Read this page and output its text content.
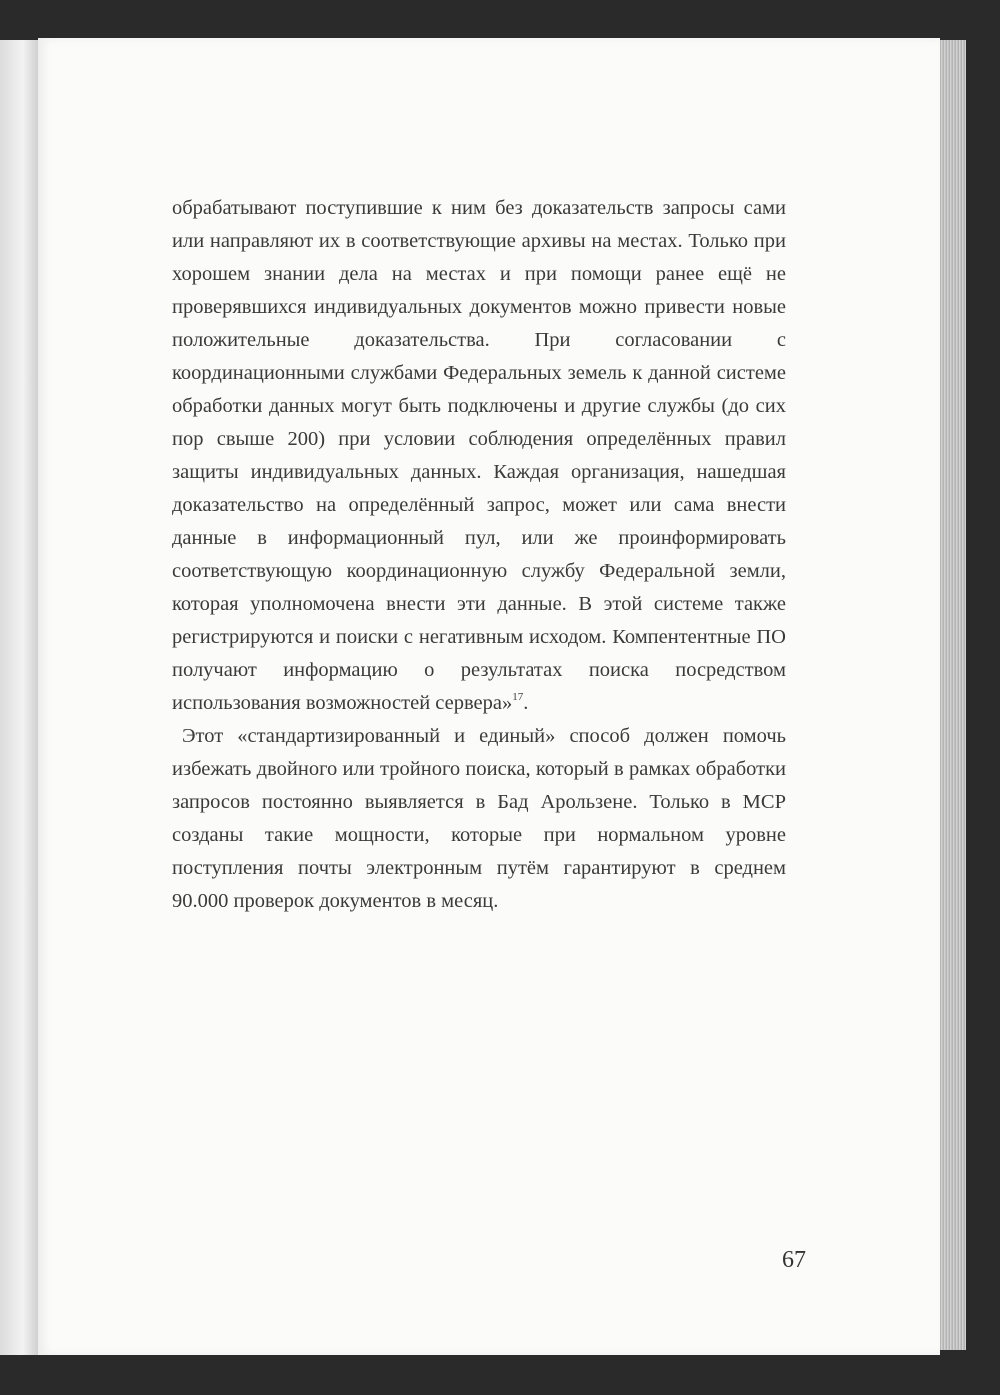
обрабатывают поступившие к ним без доказательств запросы сами или направляют их в соответствующие архивы на местах. Только при хорошем знании дела на местах и при помощи ранее ещё не проверявшихся индивидуальных документов можно привести новые положительные доказательства. При согласовании с координационными службами Федеральных земель к данной системе обработки данных могут быть подключены и другие службы (до сих пор свыше 200) при условии соблюдения определённых правил защиты индивидуальных данных. Каждая организация, нашедшая доказательство на определённый запрос, может или сама внести данные в информационный пул, или же проинформировать соответствующую координационную службу Федеральной земли, которая уполномочена внести эти данные. В этой системе также регистрируются и поиски с негативным исходом. Компентентные ПО получают информацию о результатах поиска посредством использования возможностей сервера»$^{17}$.

Этот «стандартизированный и единый» способ должен помочь избежать двойного или тройного поиска, который в рамках обработки запросов постоянно выявляется в Бад Арользене. Только в МСР созданы такие мощности, которые при нормальном уровне поступления почты электронным путём гарантируют в среднем 90.000 проверок документов в месяц.

67
